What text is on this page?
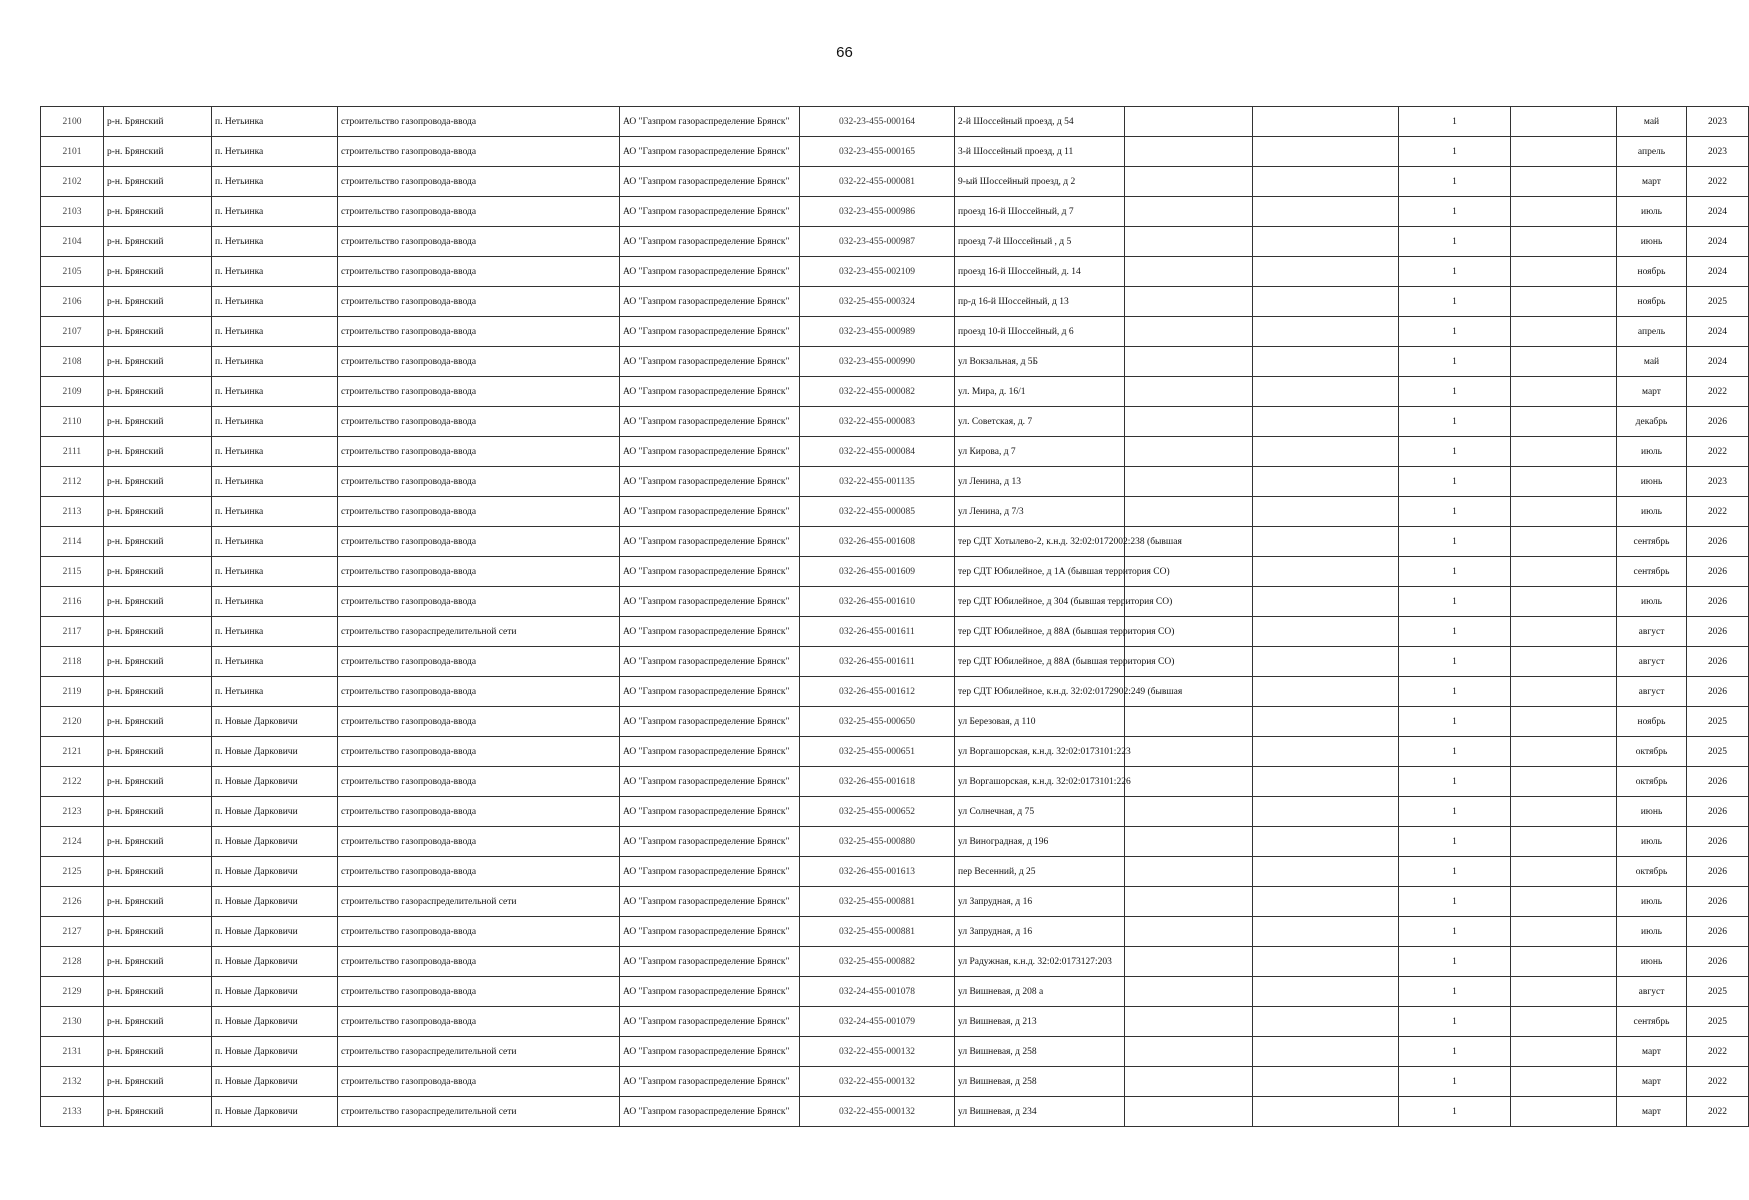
66
2100	р-н. Брянский	п. Нетьинка	строительство газопровода-ввода	АО "Газпром газораспределение Брянск"	032-23-455-000164	2-й Шоссейный проезд, д 54			1		май	2023
2101	р-н. Брянский	п. Нетьинка	строительство газопровода-ввода	АО "Газпром газораспределение Брянск"	032-23-455-000165	3-й Шоссейный проезд, д 11			1		апрель	2023
2102	р-н. Брянский	п. Нетьинка	строительство газопровода-ввода	АО "Газпром газораспределение Брянск"	032-22-455-000081	9-ый Шоссейный проезд, д 2			1		март	2022
2103	р-н. Брянский	п. Нетьинка	строительство газопровода-ввода	АО "Газпром газораспределение Брянск"	032-23-455-000986	проезд 16-й Шоссейный, д 7			1		июль	2024
2104	р-н. Брянский	п. Нетьинка	строительство газопровода-ввода	АО "Газпром газораспределение Брянск"	032-23-455-000987	проезд 7-й Шоссейный , д 5			1		июнь	2024
2105	р-н. Брянский	п. Нетьинка	строительство газопровода-ввода	АО "Газпром газораспределение Брянск"	032-23-455-002109	проезд 16-й Шоссейный, д. 14			1		ноябрь	2024
2106	р-н. Брянский	п. Нетьинка	строительство газопровода-ввода	АО "Газпром газораспределение Брянск"	032-25-455-000324	пр-д 16-й Шоссейный, д 13			1		ноябрь	2025
2107	р-н. Брянский	п. Нетьинка	строительство газопровода-ввода	АО "Газпром газораспределение Брянск"	032-23-455-000989	проезд 10-й Шоссейный, д 6			1		апрель	2024
2108	р-н. Брянский	п. Нетьинка	строительство газопровода-ввода	АО "Газпром газораспределение Брянск"	032-23-455-000990	ул Вокзальная, д 5Б			1		май	2024
2109	р-н. Брянский	п. Нетьинка	строительство газопровода-ввода	АО "Газпром газораспределение Брянск"	032-22-455-000082	ул. Мира, д. 16/1			1		март	2022
2110	р-н. Брянский	п. Нетьинка	строительство газопровода-ввода	АО "Газпром газораспределение Брянск"	032-22-455-000083	ул. Советская, д. 7			1		декабрь	2026
2111	р-н. Брянский	п. Нетьинка	строительство газопровода-ввода	АО "Газпром газораспределение Брянск"	032-22-455-000084	ул Кирова, д 7			1		июль	2022
2112	р-н. Брянский	п. Нетьинка	строительство газопровода-ввода	АО "Газпром газораспределение Брянск"	032-22-455-001135	ул Ленина, д 13			1		июнь	2023
2113	р-н. Брянский	п. Нетьинка	строительство газопровода-ввода	АО "Газпром газораспределение Брянск"	032-22-455-000085	ул Ленина, д 7/3			1		июль	2022
2114	р-н. Брянский	п. Нетьинка	строительство газопровода-ввода	АО "Газпром газораспределение Брянск"	032-26-455-001608	тер СДТ Хотылево-2, к.н.д. 32:02:0172002:238 (бывшая			1		сентябрь	2026
2115	р-н. Брянский	п. Нетьинка	строительство газопровода-ввода	АО "Газпром газораспределение Брянск"	032-26-455-001609	тер СДТ Юбилейное, д 1А (бывшая территория СО)			1		сентябрь	2026
2116	р-н. Брянский	п. Нетьинка	строительство газопровода-ввода	АО "Газпром газораспределение Брянск"	032-26-455-001610	тер СДТ Юбилейное, д 304 (бывшая территория СО)			1		июль	2026
2117	р-н. Брянский	п. Нетьинка	строительство газораспределительной сети	АО "Газпром газораспределение Брянск"	032-26-455-001611	тер СДТ Юбилейное, д 88А (бывшая территория СО)			1		август	2026
2118	р-н. Брянский	п. Нетьинка	строительство газопровода-ввода	АО "Газпром газораспределение Брянск"	032-26-455-001611	тер СДТ Юбилейное, д 88А (бывшая территория СО)			1		август	2026
2119	р-н. Брянский	п. Нетьинка	строительство газопровода-ввода	АО "Газпром газораспределение Брянск"	032-26-455-001612	тер СДТ Юбилейное, к.н.д. 32:02:0172902:249 (бывшая			1		август	2026
2120	р-н. Брянский	п. Новые Дарковичи	строительство газопровода-ввода	АО "Газпром газораспределение Брянск"	032-25-455-000650	ул Березовая, д 110			1		ноябрь	2025
2121	р-н. Брянский	п. Новые Дарковичи	строительство газопровода-ввода	АО "Газпром газораспределение Брянск"	032-25-455-000651	ул Воргашорская, к.н.д. 32:02:0173101:223			1		октябрь	2025
2122	р-н. Брянский	п. Новые Дарковичи	строительство газопровода-ввода	АО "Газпром газораспределение Брянск"	032-26-455-001618	ул Воргашорская, к.н.д. 32:02:0173101:226			1		октябрь	2026
2123	р-н. Брянский	п. Новые Дарковичи	строительство газопровода-ввода	АО "Газпром газораспределение Брянск"	032-25-455-000652	ул Солнечная, д 75			1		июнь	2026
2124	р-н. Брянский	п. Новые Дарковичи	строительство газопровода-ввода	АО "Газпром газораспределение Брянск"	032-25-455-000880	ул Виноградная, д 196			1		июль	2026
2125	р-н. Брянский	п. Новые Дарковичи	строительство газопровода-ввода	АО "Газпром газораспределение Брянск"	032-26-455-001613	пер Весенний, д 25			1		октябрь	2026
2126	р-н. Брянский	п. Новые Дарковичи	строительство газораспределительной сети	АО "Газпром газораспределение Брянск"	032-25-455-000881	ул Запрудная, д 16			1		июль	2026
2127	р-н. Брянский	п. Новые Дарковичи	строительство газопровода-ввода	АО "Газпром газораспределение Брянск"	032-25-455-000881	ул Запрудная, д 16			1		июль	2026
2128	р-н. Брянский	п. Новые Дарковичи	строительство газопровода-ввода	АО "Газпром газораспределение Брянск"	032-25-455-000882	ул Радужная, к.н.д. 32:02:0173127:203			1		июнь	2026
2129	р-н. Брянский	п. Новые Дарковичи	строительство газопровода-ввода	АО "Газпром газораспределение Брянск"	032-24-455-001078	ул Вишневая, д 208 а			1		август	2025
2130	р-н. Брянский	п. Новые Дарковичи	строительство газопровода-ввода	АО "Газпром газораспределение Брянск"	032-24-455-001079	ул Вишневая, д 213			1		сентябрь	2025
2131	р-н. Брянский	п. Новые Дарковичи	строительство газораспределительной сети	АО "Газпром газораспределение Брянск"	032-22-455-000132	ул Вишневая, д 258			1		март	2022
2132	р-н. Брянский	п. Новые Дарковичи	строительство газопровода-ввода	АО "Газпром газораспределение Брянск"	032-22-455-000132	ул Вишневая, д 258			1		март	2022
2133	р-н. Брянский	п. Новые Дарковичи	строительство газораспределительной сети	АО "Газпром газораспределение Брянск"	032-22-455-000132	ул Вишневая, д 234			1		март	2022
